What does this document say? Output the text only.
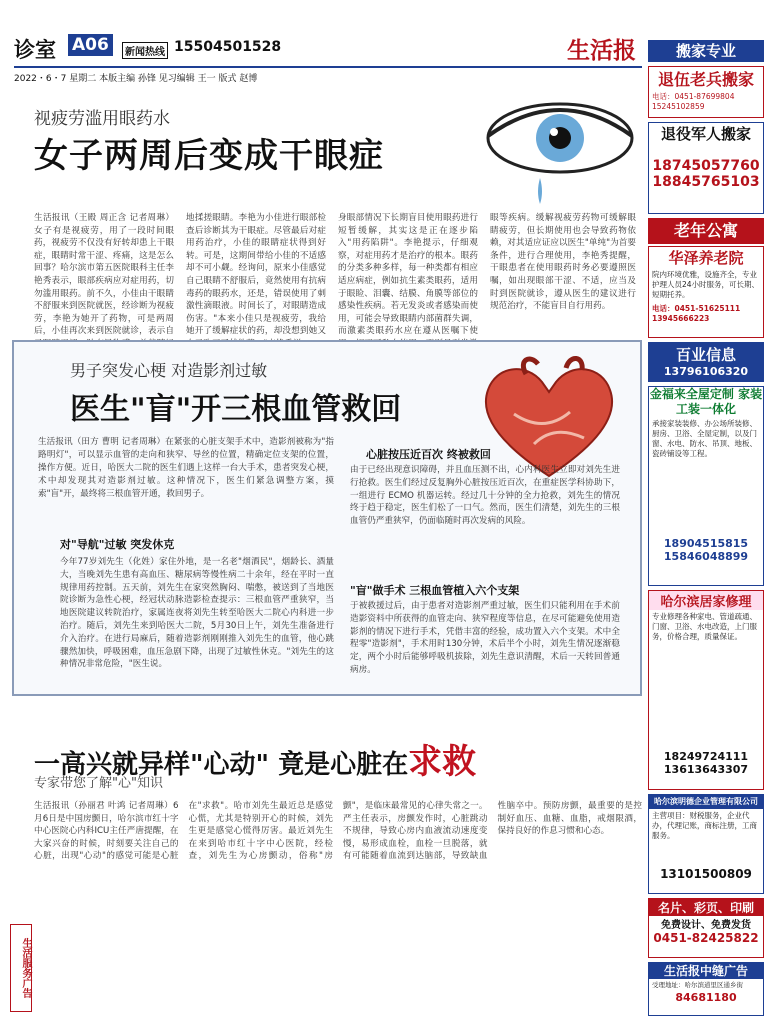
诊室 A06	新闻热线 15504501528	生活报
2022・6・7 星期二 本版主编 孙锋 见习编辑 王一 版式 赵博
视疲劳滥用眼药水
女子两周后变成干眼症
生活报讯（王殿 周正含 记者周琳）女子有是视疲劳，用了一段时间眼药，视疲劳不仅没有好转却患上干眼症，眼睛时常干涩、疼痛，这是怎么回事？哈尔滨市第五医院眼科主任李艳秀表示，眼部疾病应对症用药，切勿滥用眼药。前不久，小佳由干眼睛不舒服来到医院就医，经诊断为视疲劳，李艳为她开了药物，可是两周后，小佳再次来到医院就诊，表示自
地揉搓眼睛。李艳为小佳进行眼部检查后诊断其为干眼症。尽管最后对症用药治疗，小佳的眼睛症状得到好转。可是，这期间带给小佳的不适感却不可小觑。经询问，原来小佳感觉自己眼睛不舒服后，竟然使用有抗病毒药的眼药水，还是，错误使用了刺激性滴眼液。时间长了，对眼睛造成伤害。"本来小佳只是视疲劳，我给她开了缓解症状的药，却没想到她又
身眼部情况下长期盲目使用眼药进行短暂缓解，其实这是正在逐步陷入"用药陷阱"。李艳提示，仔细观察，对症用药才是治疗的根本。眼药的分类多种多样，每一种类都有相应适应病症，例如抗生素类眼药，适用于眼睑、泪囊、结膜、角膜等部位的感染性疾病。若无发炎或者感染而使用，可能会导致眼睛内部菌群失调，而激素类眼药水应在遵从医嘱下使
眼等疾病。缓解视疲劳药物可缓解眼睛疲劳，但长期使用也会导致药物依赖，对其适应证应以医生"单纯"为首要条件，进行合理使用，李艳秀提醒，干眼患者在使用眼药时务必要遵照医嘱，如出现眼部干涩、不适，应当及时到医院就诊，遵从医生的建议进行规范治疗，不能盲目自行用药。
男子突发心梗 对造影剂过敏
医生"盲"开三根血管救回
生活报讯（田方 曹明 记者周琳）在紧张的心脏支架手术中，造影剂被称为"指路明灯"，可以显示血管的走向和狭窄、导丝的位置，精确定位支架的位置，操作方便。近日，哈医大二院的医生们遇上这样一台大手术，患者突发心梗，术中却发现其对造影剂过敏。这种情况下，医生们紧急调整方案，摸索"盲"开，最终将三根血管开通，救回男子。
对"导航"过敏 突发休克
今年77岁刘先生（化姓）家住外地，是一名老"烟酒民"，烟龄长、酒量大，当晚刘先生患有高血压、糖尿病等慢性病二十余年，经在平时一直规律用药控制。五天前，刘先生在家突然胸闷、喘憋，被送到了当地医院诊断为急性心梗，经冠状动脉造影检查提示：三根血管严重狭窄，当地医院建议转院治疗，家属连夜将刘先生转至哈医大二院心内科进一步治疗。随后，刘先生来到哈医大二院，5月30日上午，刘先生准备进行介入治疗。在进行局麻后，随着造影剂刚刚推入刘先生的血管，他心跳骤然加快，呼吸困难，血压急剧下降，出现了过敏性休克。"刘先生的这种情况非常危险，"医生说。
心脏按压近百次 终被救回
由于已经出现意识障碍，并且血压测不出，心内科医生立即对刘先生进行抢救。医生们经过反复胸外心脏按压近百次，在重症医学科协助下，一组进行 ECMO 机器运转。经过几十分钟的全力抢救，刘先生的情况终于趋于稳定，医生们松了一口气。然而，医生们清楚，刘先生的三根血管仍严重狭窄，仍面临随时再次发病的风险。
"盲"做手术 三根血管植入六个支架
于被救援过后，由于患者对造影剂严重过敏，医生们只能利用在手术前造影资料中所获得的血管走向、狭窄程度等信息，在尽可能避免使用造影剂的情况下进行手术，凭借丰富的经验，成功置入六个支架。术中全程零"造影剂"，手术用时130分钟，术后半个小时，刘先生情况逐渐稳定，两个小时后能够呼吸机拔除，刘先生意识清醒，术后一天转回普通病房。
一高兴就异样"心动" 竟是心脏在求救
专家带您了解"心"知识
生活报讯（孙丽君 叶鸿 记者周琳）6月6日是中国房颤日，哈尔滨市红十字中心医院心内科ICU主任严唐提醒，在大家兴奋的时候，时刻要关注自己的心脏，出现"心动"的感觉可能是心脏在"求救"。哈市刘先生最近总是感觉心慌，尤其是特别开心的时候，刘先生更是感觉心慌得厉害。最近刘先生在来到哈市红十字中心医院，经检查，刘先生为心房颤动，俗称"房颤"，是临床最常见的心律失常之一。严主任表示，房颤发作时，心脏跳动不规律，导致心房内血液流动速度变慢，易形成血栓，血栓一旦脱落，就有可能随着血流到达脑部，导致缺血性脑卒中。预防房颤，最重要的是控制好血压、血糖、血脂，戒烟限酒，保持良好的作息习惯和心态。
生活服务广告
搬家专业
退伍老兵搬家
电话：0451-87699804 15245102859
退役军人搬家
18745057760
18845765103
老年公寓
华泽养老院
院内环境优雅，设施齐全，专业护理人员24小时服务，可长期、短期托养。
电话：0451-51625111 13945666223
百业信息
13796106320
金福来全屋定制 家装工装一体化
承接家装装修、办公场所装修、厨房、卫浴、全屋定制，以及门窗、水电、防水、吊顶、地板、瓷砖铺设等工程。
18904515815
15846048899
哈尔滨居家修理
专业修理各种家电、管道疏通、门窗、卫浴、水电改造，上门服务，价格合理，质量保证。
18249724111
13613643307
哈尔滨明德企业管理有限公司
主营项目：财税服务，企业代办，代理记账，商标注册，工商服务。
13101500809
名片、彩页、印刷
免费设计、免费发货
0451-82425822
生活报中缝广告
受理地址：哈尔滨道里区通乡街
84681180
